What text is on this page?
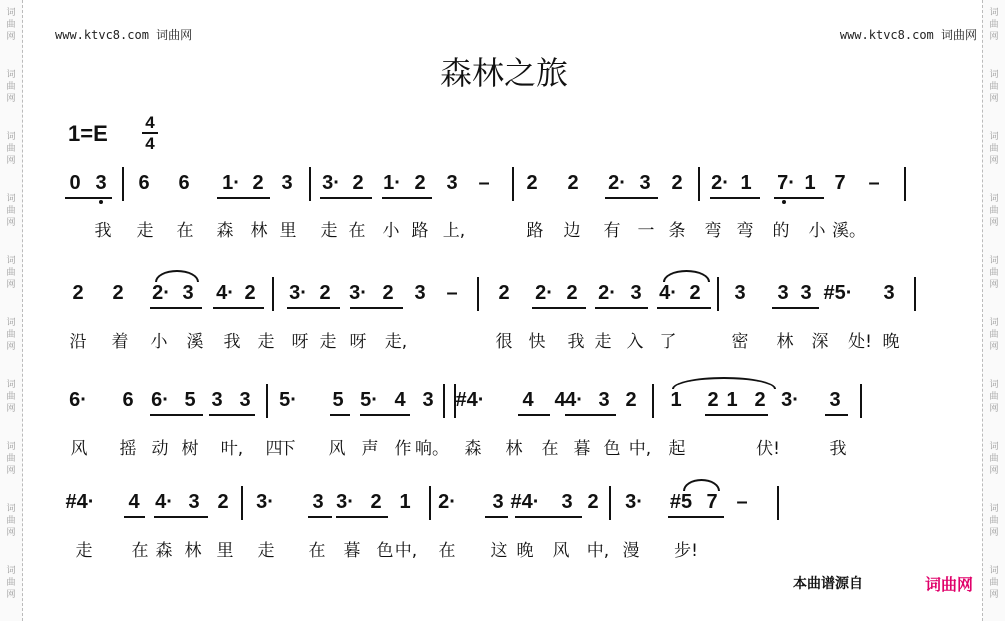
词
曲
网
词
曲
网
词
曲
网
词
曲
网
词
曲
网
词
曲
网
词
曲
网
词
曲
网
词
曲
网
词
曲
网
词
曲
网
词
曲
网
词
曲
网
词
曲
网
词
曲
网
词
曲
网
词
曲
网
词
曲
网
词
曲
网
词
曲
网
www.ktvc8.com 词曲网	www.ktvc8.com 词曲网
森林之旅
1=E 4
4
0 3 6 6 1· 2 3 3· 2 1· 2 3 – 2 2 2· 3 2 2· 1 7· 1 7 –
我 走 在 森 林 里 走 在 小 路 上,	路 边 有 一 条 弯 弯 的 小 溪。
2 2 2· 3 4· 2 3· 2 3· 2 3 – 2 2· 2 2· 3 4· 2 3 3 3 #5· 3
沿 着 小 溪 我 走 呀 走 呀 走,	很 快 我 走 入 了	密 林 深 处! 晚
6· 6 6· 5 3 3 5· 5 5· 4 3 #4· 4 4 4· 3 2 1 2 1 2 3· 3
风 摇 动 树 叶, 四
下 风 声 作 响。 森 林 在 暮 色 中, 起	伏!	我
#4· 4 4· 3 2 3· 3 3· 2 1 2· 3 #4· 3 2 3· #5 7 –
走 在 森 林 里 走 在 暮 色 中, 在 这 晚 风 中, 漫 步!
本曲谱源自	词曲网
